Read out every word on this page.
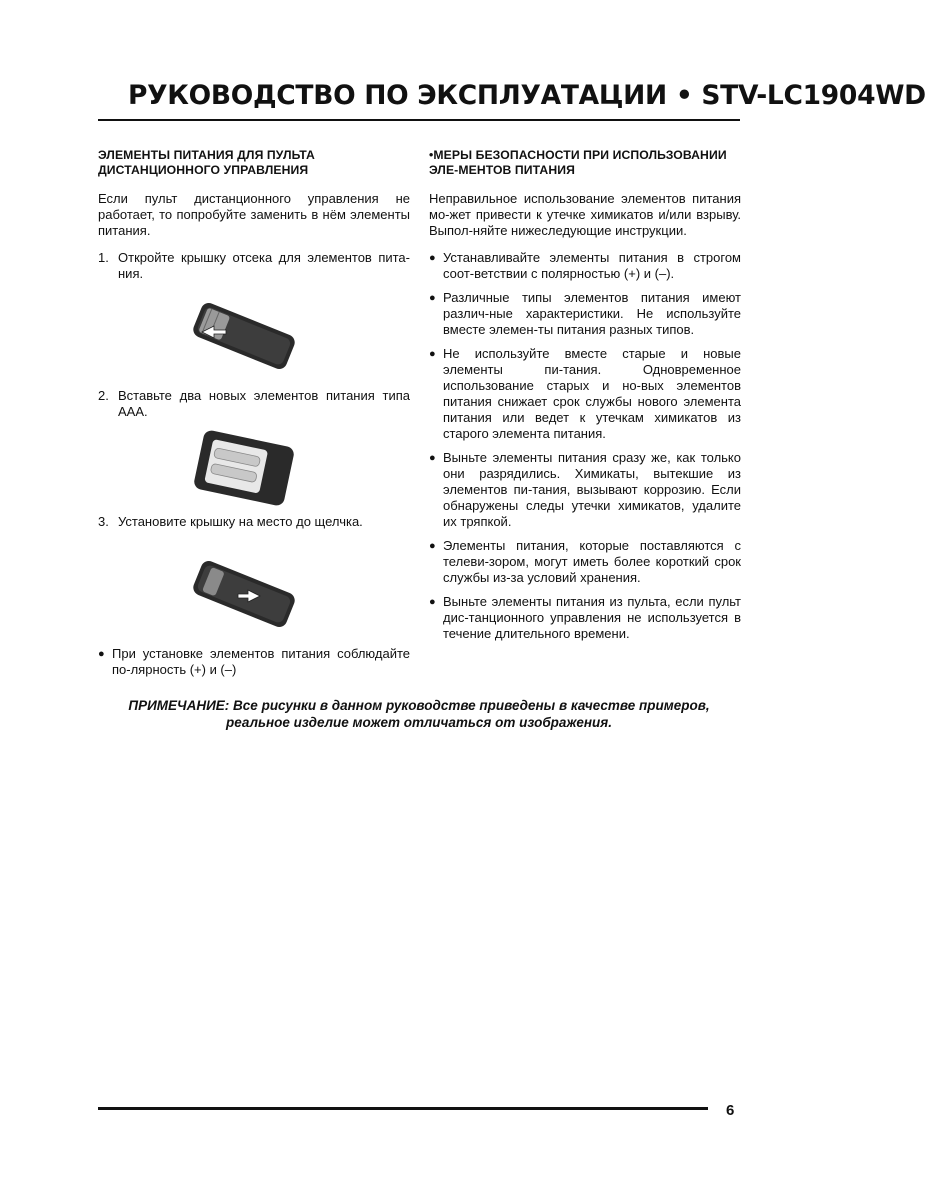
РУКОВОДСТВО ПО ЭКСПЛУАТАЦИИ • STV-LC1904WD
ЭЛЕМЕНТЫ ПИТАНИЯ ДЛЯ ПУЛЬТА ДИСТАНЦИОННОГО УПРАВЛЕНИЯ
Если пульт дистанционного управления не работает, то попробуйте заменить в нём элементы питания.
1. Откройте крышку отсека для элементов пита-ния.
2. Вставьте два новых элементов питания типа AAA.
3. Установите крышку на место до щелчка.
● При установке элементов питания соблюдайте по-лярность (+) и (–)
•МЕРЫ БЕЗОПАСНОСТИ ПРИ ИСПОЛЬЗОВАНИИ ЭЛЕ-МЕНТОВ ПИТАНИЯ
Неправильное использование элементов питания мо-жет привести к утечке химикатов и/или взрыву. Выпол-няйте нижеследующие инструкции.
● Устанавливайте элементы питания в строгом соот-ветствии с полярностью (+) и (–).
● Различные типы элементов питания имеют различ-ные характеристики. Не используйте вместе элемен-ты питания разных типов.
● Не используйте вместе старые и новые элементы пи-тания. Одновременное использование старых и но-вых элементов питания снижает срок службы нового элемента питания или ведет к утечкам химикатов из старого элемента питания.
● Выньте элементы питания сразу же, как только они разрядились. Химикаты, вытекшие из элементов пи-тания, вызывают коррозию. Если обнаружены следы утечки химикатов, удалите их тряпкой.
● Элементы питания, которые поставляются с телеви-зором, могут иметь более короткий срок службы из-за условий хранения.
● Выньте элементы питания из пульта, если пульт дис-танционного управления не используется в течение длительного времени.
ПРИМЕЧАНИЕ: Все рисунки в данном руководстве приведены в качестве примеров, реальное изделие может отличаться от изображения.
6
